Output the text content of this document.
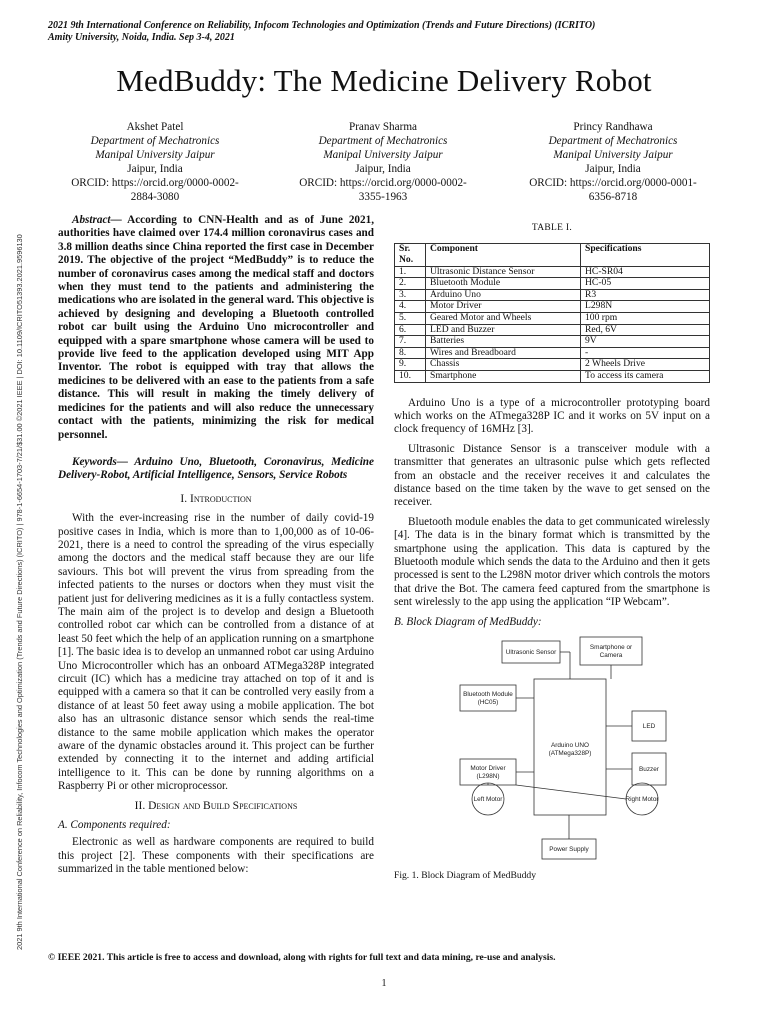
2021 9th International Conference on Reliability, Infocom Technologies and Optimization (Trends and Future Directions) (ICRITO) | 978-1-6654-1703-7/21/$31.00 ©2021 IEEE | DOI: 10.1109/ICRITO51393.2021.9596130
2021 9th International Conference on Reliability, Infocom Technologies and Optimization (Trends and Future Directions) (ICRITO)
Amity University, Noida, India. Sep 3-4, 2021
MedBuddy: The Medicine Delivery Robot
Akshet Patel
Department of Mechatronics
Manipal University Jaipur
Jaipur, India
ORCID: https://orcid.org/0000-0002-2884-3080
Pranav Sharma
Department of Mechatronics
Manipal University Jaipur
Jaipur, India
ORCID: https://orcid.org/0000-0002-3355-1963
Princy Randhawa
Department of Mechatronics
Manipal University Jaipur
Jaipur, India
ORCID: https://orcid.org/0000-0001-6356-8718

Abstract— According to CNN-Health and as of June 2021, authorities have claimed over 174.4 million coronavirus cases and 3.8 million deaths since China reported the first case in December 2019. The objective of the project “MedBuddy” is to reduce the number of coronavirus cases among the medical staff and doctors when they must tend to the patients and administering the medications who are isolated in the general ward. This objective is achieved by designing and developing a Bluetooth controlled robot car built using the Arduino Uno microcontroller and equipped with a spare smartphone whose camera will be used to provide live feed to the application developed using MIT App Inventor. The robot is equipped with tray that allows the medicines to be delivered with an ease to the patients from a safe distance. This will result in making the timely delivery of medicines for the patients and will also reduce the unnecessary contact with the patients, minimizing the risk for medical personnel.

Keywords— Arduino Uno, Bluetooth, Coronavirus, Medicine Delivery-Robot, Artificial Intelligence, Sensors, Service Robots

I. Introduction

With the ever-increasing rise in the number of daily covid-19 positive cases in India, which is more than to 1,00,000 as of 10-06-2021, there is a need to control the spreading of the virus especially among the doctors and the medical staff because they are our life saviours. This bot will prevent the virus from spreading from the infected patients to the nurses or doctors when they must visit the patient just for delivering medicines as it is a fully contactless system. The main aim of the project is to develop and design a Bluetooth controlled robot car which can be controlled from a distance of at least 50 feet which the help of an application running on a smartphone [1]. The basic idea is to develop an unmanned robot car using Arduino Uno Microcontroller which has an onboard ATMega328P integrated circuit (IC) which has a medicine tray attached on top of it and is equipped with a camera so that it can be controlled very easily from a distance of at least 50 feet away using a mobile application. The bot also has an ultrasonic distance sensor which sends the real-time distance to the same mobile application which makes the operator aware of the dynamic obstacles around it. This project can be further extended by connecting it to the internet and adding artificial intelligence to it. This can be done by running algorithms on a Raspberry Pi or other microprocessor.

II. Design and Build Specifications
A. Components required:

Electronic as well as hardware components are required to build this project [2]. These components with their specifications are summarized in the table mentioned below:

TABLE I.
Sr. No.	Component	Specifications
1.	Ultrasonic Distance Sensor	HC-SR04
2.	Bluetooth Module	HC-05
3.	Arduino Uno	R3
4.	Motor Driver	L298N
5.	Geared Motor and Wheels	100 rpm
6.	LED and Buzzer	Red, 6V
7.	Batteries	9V
8.	Wires and Breadboard	-
9.	Chassis	2 Wheels Drive
10.	Smartphone	To access its camera

Arduino Uno is a type of a microcontroller prototyping board which works on the ATmega328P IC and it works on 5V input on a clock frequency of 16MHz [3].

Ultrasonic Distance Sensor is a transceiver module with a transmitter that generates an ultrasonic pulse which gets reflected from an obstacle and the receiver receives it and calculates the distance based on the time taken by the wave to get sensed on the receiver.

Bluetooth module enables the data to get communicated wirelessly [4]. The data is in the binary format which is transmitted by the smartphone using the application. This data is captured by the Bluetooth module which sends the data to the Arduino and then it gets processed is sent to the L298N motor driver which controls the motors that drive the Bot. The camera feed captured from the smartphone is sent wirelessly to the app using the application “IP Webcam”.

B. Block Diagram of MedBuddy:
Ultrasonic Sensor
Smartphone or
Camera
Bluetooth Module
(HC05)
Motor Driver
(L298N)
Arduino UNO
(ATMega328P)
LED
Buzzer
Left Motor	Right Motor
Power Supply
Fig. 1. Block Diagram of MedBuddy
© IEEE 2021. This article is free to access and download, along with rights for full text and data mining, re-use and analysis.
1
